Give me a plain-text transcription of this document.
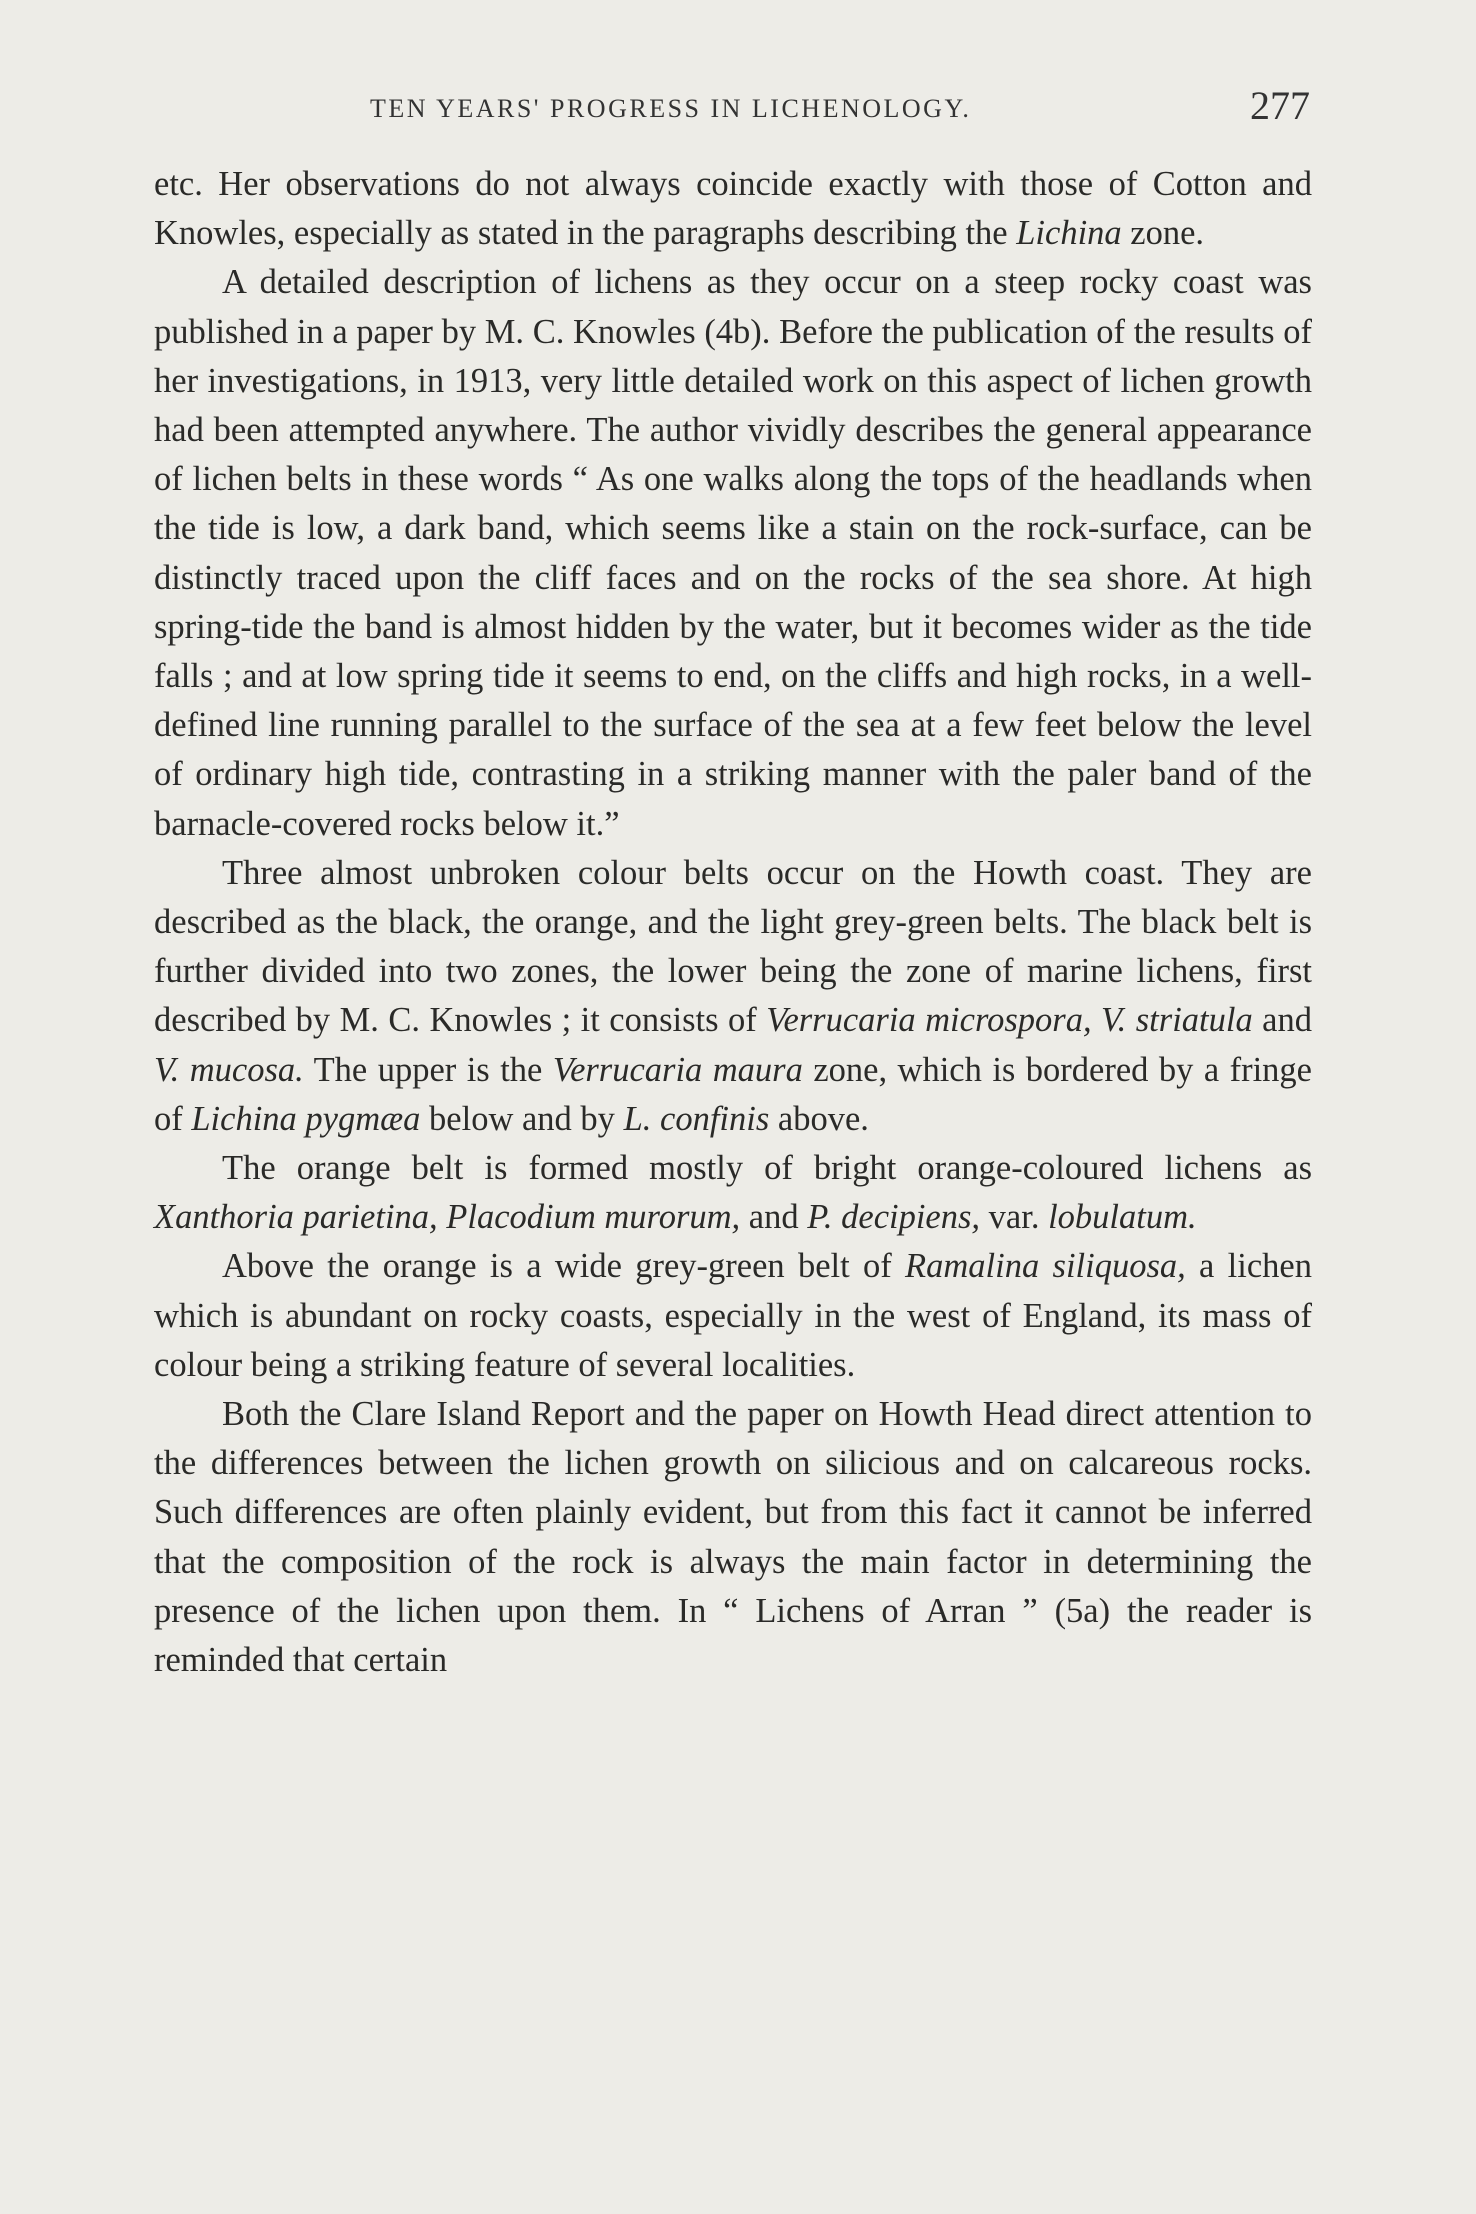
TEN YEARS' PROGRESS IN LICHENOLOGY.	277

etc. Her observations do not always coincide exactly with those of Cotton and Knowles, especially as stated in the paragraphs describing the Lichina zone.

A detailed description of lichens as they occur on a steep rocky coast was published in a paper by M. C. Knowles (4b). Before the publication of the results of her investigations, in 1913, very little detailed work on this aspect of lichen growth had been attempted anywhere. The author vividly describes the general appearance of lichen belts in these words “ As one walks along the tops of the headlands when the tide is low, a dark band, which seems like a stain on the rock-surface, can be distinctly traced upon the cliff faces and on the rocks of the sea shore. At high spring-tide the band is almost hidden by the water, but it becomes wider as the tide falls ; and at low spring tide it seems to end, on the cliffs and high rocks, in a well-defined line running parallel to the surface of the sea at a few feet below the level of ordinary high tide, contrasting in a striking manner with the paler band of the barnacle-covered rocks below it.”

Three almost unbroken colour belts occur on the Howth coast. They are described as the black, the orange, and the light grey-green belts. The black belt is further divided into two zones, the lower being the zone of marine lichens, first described by M. C. Knowles ; it consists of Verrucaria microspora, V. striatula and V. mucosa. The upper is the Verrucaria maura zone, which is bordered by a fringe of Lichina pygmæa below and by L. confinis above.

The orange belt is formed mostly of bright orange-coloured lichens as Xanthoria parietina, Placodium murorum, and P. decipiens, var. lobulatum.

Above the orange is a wide grey-green belt of Ramalina siliquosa, a lichen which is abundant on rocky coasts, especially in the west of England, its mass of colour being a striking feature of several localities.

Both the Clare Island Report and the paper on Howth Head direct attention to the differences between the lichen growth on silicious and on calcareous rocks. Such differences are often plainly evident, but from this fact it cannot be inferred that the composition of the rock is always the main factor in determining the presence of the lichen upon them. In “ Lichens of Arran ” (5a) the reader is reminded that certain
